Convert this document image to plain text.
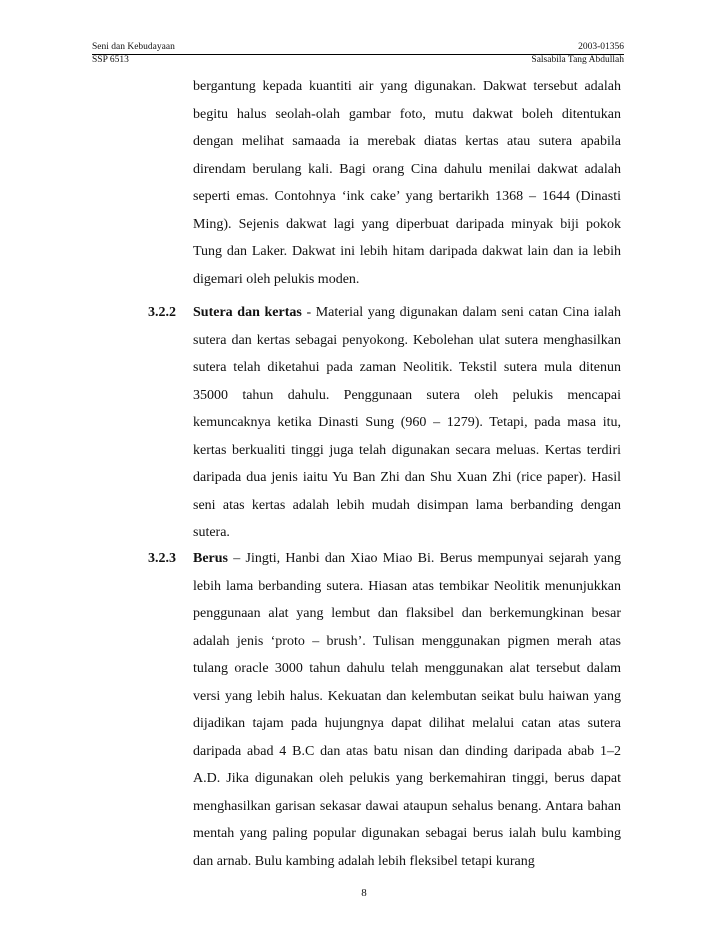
Seni dan Kebudayaan	2003-01356
SSP 6513	Salsabila Tang Abdullah

bergantung kepada kuantiti air yang digunakan. Dakwat tersebut adalah begitu halus seolah-olah gambar foto, mutu dakwat boleh ditentukan dengan melihat samaada ia merebak diatas kertas atau sutera apabila direndam berulang kali. Bagi orang Cina dahulu menilai dakwat adalah seperti emas. Contohnya ‘ink cake’ yang bertarikh 1368 – 1644 (Dinasti Ming). Sejenis dakwat lagi yang diperbuat daripada minyak biji pokok Tung dan Laker. Dakwat ini lebih hitam daripada dakwat lain dan ia lebih digemari oleh pelukis moden.

3.2.2 Sutera dan kertas - Material yang digunakan dalam seni catan Cina ialah sutera dan kertas sebagai penyokong. Kebolehan ulat sutera menghasilkan sutera telah diketahui pada zaman Neolitik. Tekstil sutera mula ditenun 35000 tahun dahulu. Penggunaan sutera oleh pelukis mencapai kemuncaknya ketika Dinasti Sung (960 – 1279). Tetapi, pada masa itu, kertas berkualiti tinggi juga telah digunakan secara meluas. Kertas terdiri daripada dua jenis iaitu Yu Ban Zhi dan Shu Xuan Zhi (rice paper). Hasil seni atas kertas adalah lebih mudah disimpan lama berbanding dengan sutera.

3.2.3 Berus – Jingti, Hanbi dan Xiao Miao Bi. Berus mempunyai sejarah yang lebih lama berbanding sutera. Hiasan atas tembikar Neolitik menunjukkan penggunaan alat yang lembut dan flaksibel dan berkemungkinan besar adalah jenis ‘proto – brush’. Tulisan menggunakan pigmen merah atas tulang oracle 3000 tahun dahulu telah menggunakan alat tersebut dalam versi yang lebih halus. Kekuatan dan kelembutan seikat bulu haiwan yang dijadikan tajam pada hujungnya dapat dilihat melalui catan atas sutera daripada abad 4 B.C dan atas batu nisan dan dinding daripada abab 1–2 A.D. Jika digunakan oleh pelukis yang berkemahiran tinggi, berus dapat menghasilkan garisan sekasar dawai ataupun sehalus benang. Antara bahan mentah yang paling popular digunakan sebagai berus ialah bulu kambing dan arnab. Bulu kambing adalah lebih fleksibel tetapi kurang

8
